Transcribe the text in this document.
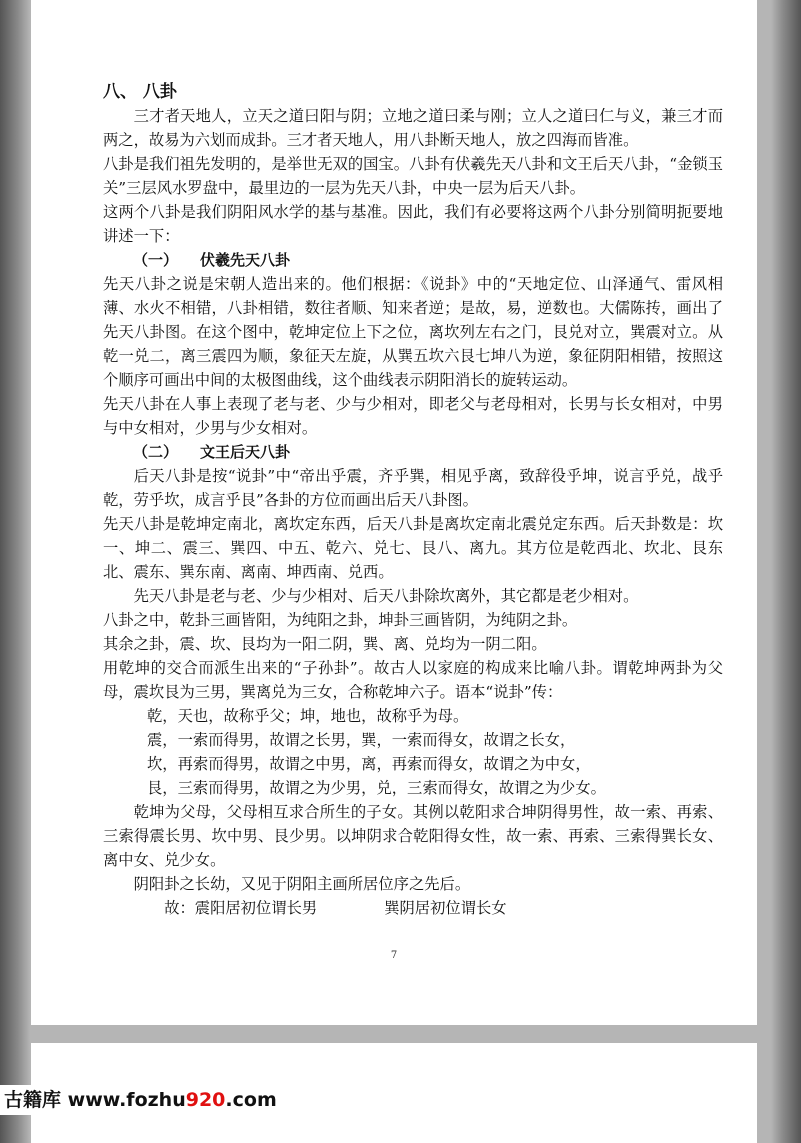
八、 八卦

三才者天地人，立天之道曰阳与阴；立地之道曰柔与刚；立人之道曰仁与义，兼三才而两之，故易为六划而成卦。三才者天地人，用八卦断天地人，放之四海而皆准。

八卦是我们祖先发明的，是举世无双的国宝。八卦有伏羲先天八卦和文王后天八卦，“金锁玉关”三层风水罗盘中，最里边的一层为先天八卦，中央一层为后天八卦。

这两个八卦是我们阴阳风水学的基与基准。因此，我们有必要将这两个八卦分别简明扼要地讲述一下：

（一） 伏羲先天八卦

先天八卦之说是宋朝人造出来的。他们根据：《说卦》中的“天地定位、山泽通气、雷风相薄、水火不相错，八卦相错，数往者顺、知来者逆；是故，易，逆数也。大儒陈抟，画出了先天八卦图。在这个图中，乾坤定位上下之位，离坎列左右之门，艮兑对立，巽震对立。从乾一兑二，离三震四为顺，象征天左旋，从巽五坎六艮七坤八为逆，象征阴阳相错，按照这个顺序可画出中间的太极图曲线，这个曲线表示阴阳消长的旋转运动。

先天八卦在人事上表现了老与老、少与少相对，即老父与老母相对，长男与长女相对，中男与中女相对，少男与少女相对。

（二） 文王后天八卦

后天八卦是按“说卦”中“帝出乎震，齐乎巽，相见乎离，致辞役乎坤，说言乎兑，战乎乾，劳乎坎，成言乎艮”各卦的方位而画出后天八卦图。

先天八卦是乾坤定南北，离坎定东西，后天八卦是离坎定南北震兑定东西。后天卦数是：坎一、坤二、震三、巽四、中五、乾六、兑七、艮八、离九。其方位是乾西北、坎北、艮东北、震东、巽东南、离南、坤西南、兑西。

先天八卦是老与老、少与少相对、后天八卦除坎离外，其它都是老少相对。

八卦之中，乾卦三画皆阳，为纯阳之卦，坤卦三画皆阴，为纯阴之卦。

其余之卦，震、坎、艮均为一阳二阴，巽、离、兑均为一阴二阳。

用乾坤的交合而派生出来的“子孙卦”。故古人以家庭的构成来比喻八卦。谓乾坤两卦为父母，震坎艮为三男，巽离兑为三女，合称乾坤六子。语本“说卦”传：

乾，天也，故称乎父；坤，地也，故称乎为母。

震，一索而得男，故谓之长男，巽，一索而得女，故谓之长女，

坎，再索而得男，故谓之中男，离，再索而得女，故谓之为中女，

艮，三索而得男，故谓之为少男，兑，三索而得女，故谓之为少女。

乾坤为父母，父母相互求合所生的子女。其例以乾阳求合坤阴得男性，故一索、再索、三索得震长男、坎中男、艮少男。以坤阴求合乾阳得女性，故一索、再索、三索得巽长女、离中女、兑少女。

阴阳卦之长幼，又见于阴阳主画所居位序之先后。

故：震阳居初位谓长男	巽阴居初位谓长女

7
古籍库 www.fozhu920.com
